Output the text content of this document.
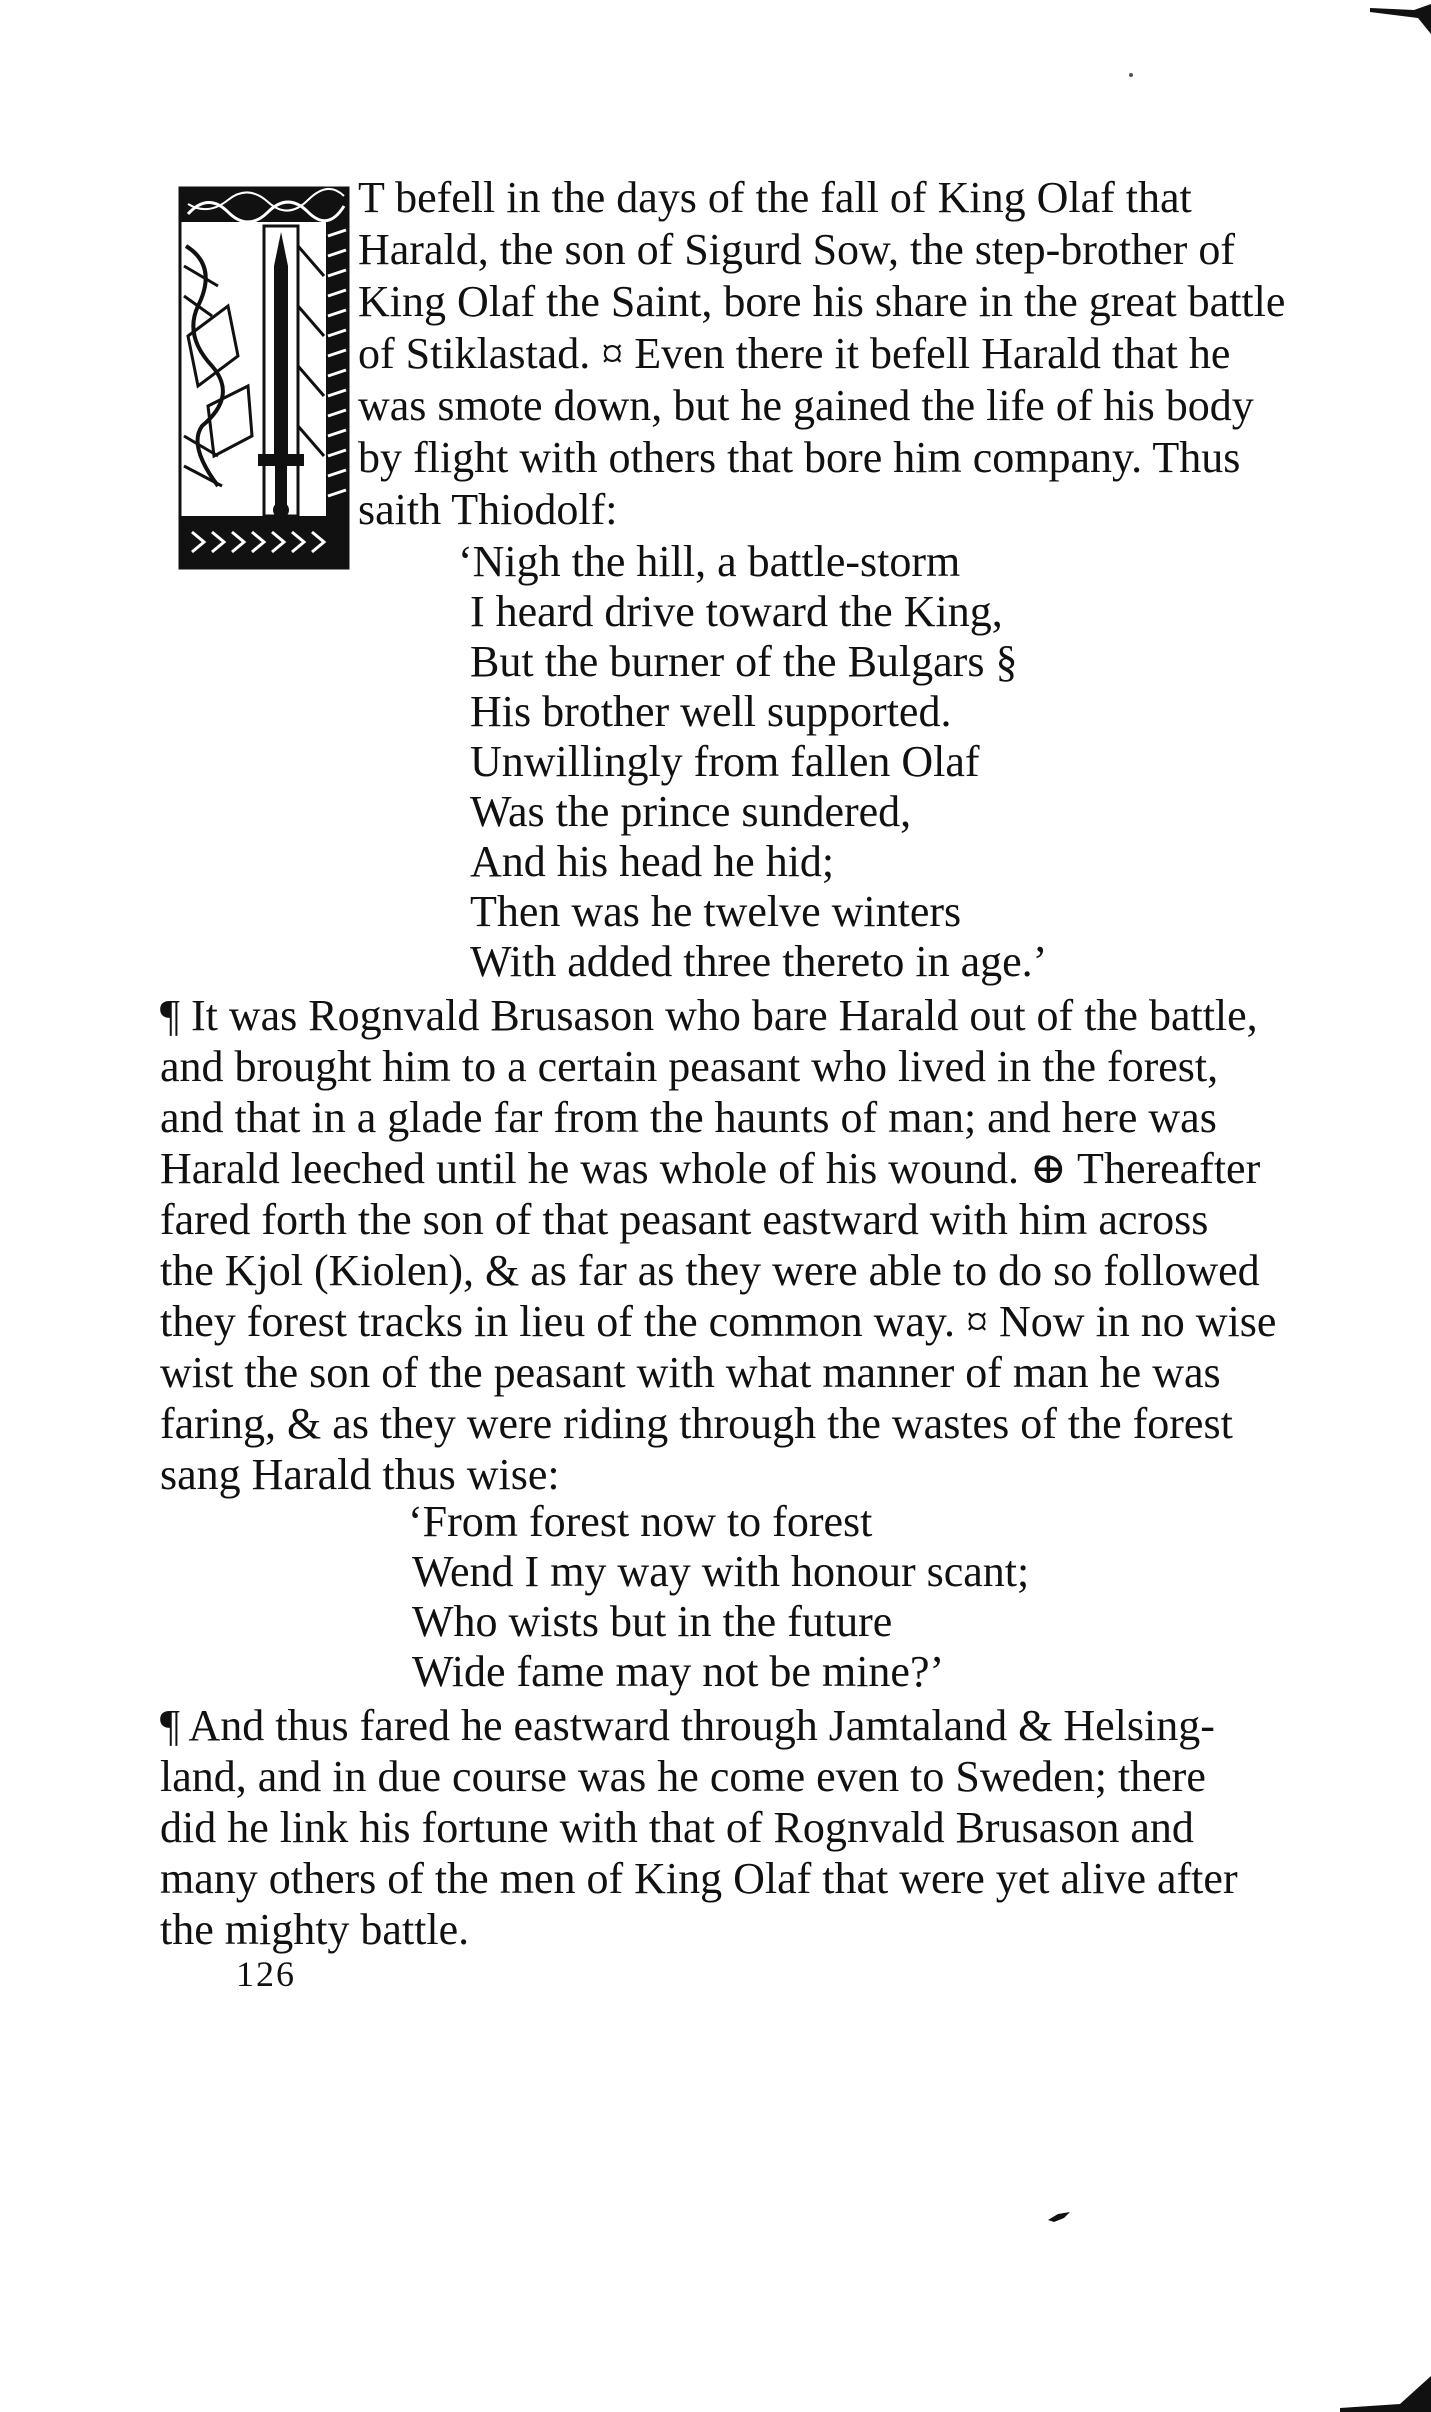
T befell in the days of the fall of King Olaf that
Harald, the son of Sigurd Sow, the step-brother of
King Olaf the Saint, bore his share in the great battle
of Stiklastad. ¤ Even there it befell Harald that he
was smote down, but he gained the life of his body
by flight with others that bore him company. Thus
saith Thiodolf:
‘Nigh the hill, a battle-storm
I heard drive toward the King,
But the burner of the Bulgars §
His brother well supported.
Unwillingly from fallen Olaf
Was the prince sundered,
And his head he hid;
Then was he twelve winters
With added three thereto in age.’
¶ It was Rognvald Brusason who bare Harald out of the battle,
and brought him to a certain peasant who lived in the forest,
and that in a glade far from the haunts of man; and here was
Harald leeched until he was whole of his wound. ⊕ Thereafter
fared forth the son of that peasant eastward with him across
the Kjol (Kiolen), & as far as they were able to do so followed
they forest tracks in lieu of the common way. ¤ Now in no wise
wist the son of the peasant with what manner of man he was
faring, & as they were riding through the wastes of the forest
sang Harald thus wise:
‘From forest now to forest
Wend I my way with honour scant;
Who wists but in the future
Wide fame may not be mine?’
¶ And thus fared he eastward through Jamtaland & Helsing-
land, and in due course was he come even to Sweden; there
did he link his fortune with that of Rognvald Brusason and
many others of the men of King Olaf that were yet alive after
the mighty battle.
126
